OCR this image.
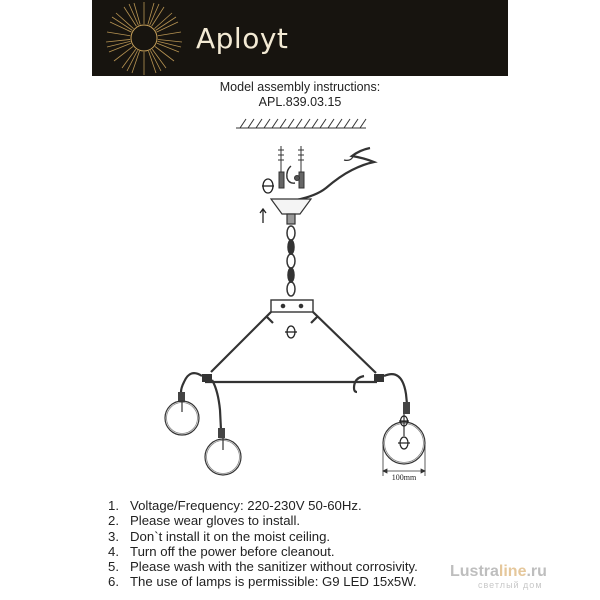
Aployt
Model assembly instructions:
APL.839.03.15
100mm
1. Voltage/Frequency: 220-230V 50-60Hz.
2. Please wear gloves to install.
3. Don`t install it on the moist ceiling.
4. Turn off the power before cleanout.
5. Please wash with the sanitizer without corrosivity.
6. The use of lamps is permissible: G9 LED 15x5W.
Lustraline.ru
светлый дом
